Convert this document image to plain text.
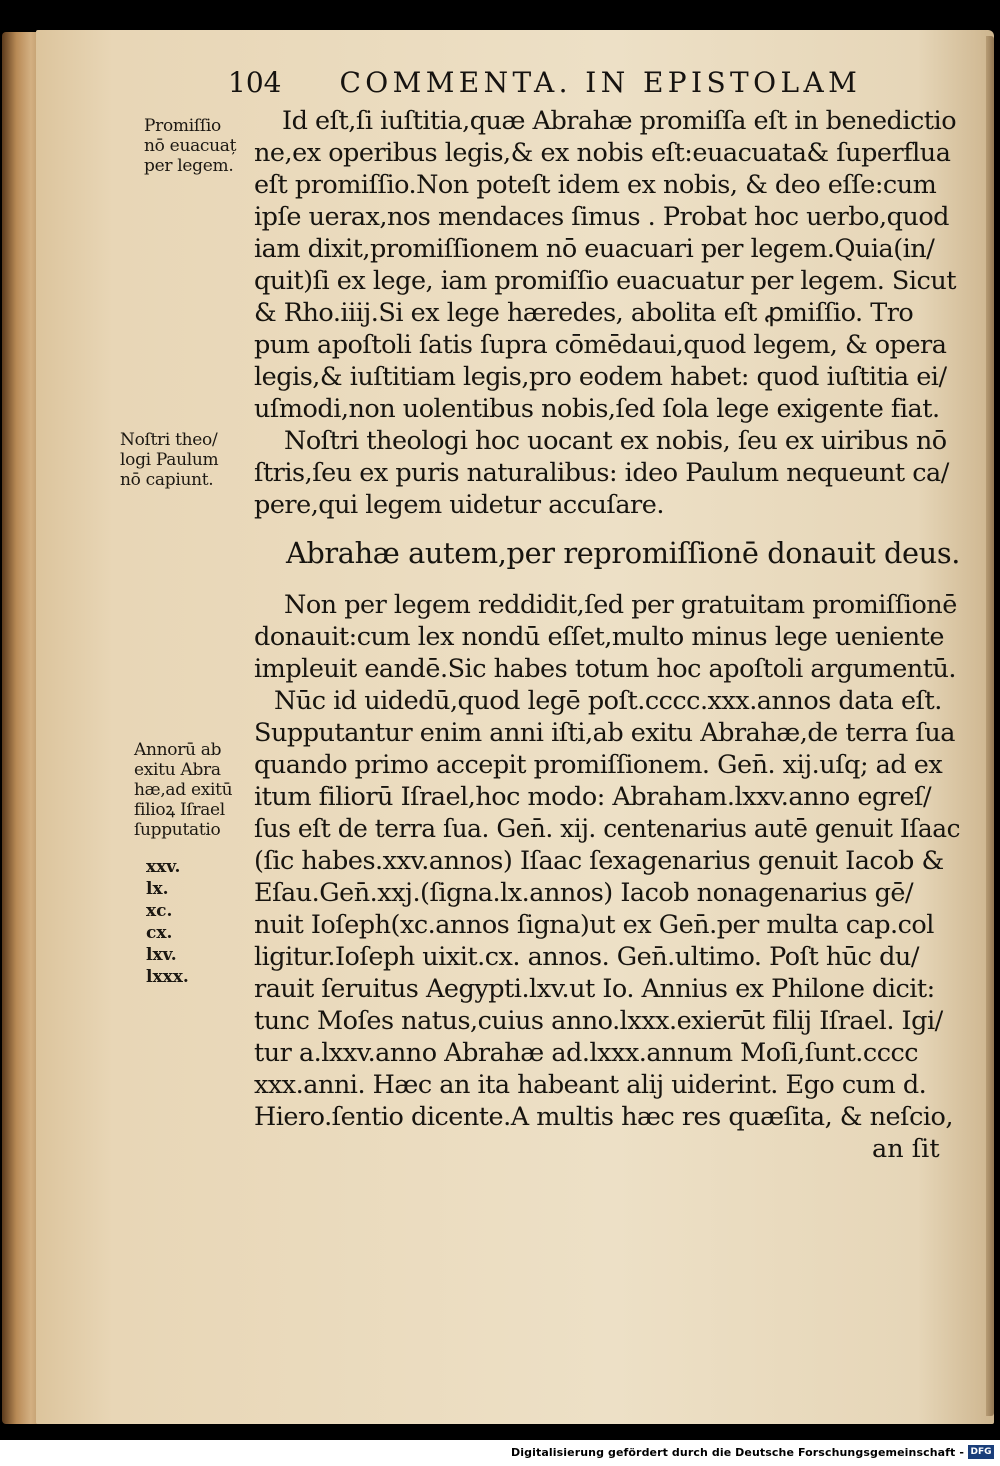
104 COMMENTA. IN EPISTOLAM
Promiſſio
nō euacuaț
per legem.
Noſtri theo/
logi Paulum
nō capiunt.
Annorū ab
exitu Abra
hæ,ad exitū
filioꝝ Iſrael
ſupputatio
xxv.
lx.
xc.
cx.
lxv.
lxxx.
Id eſt,ſi iuſtitia,quæ Abrahæ promiſſa eſt in benedictio
ne,ex operibus legis,& ex nobis eſt:euacuata& ſuperflua
eſt promiſſio.Non poteſt idem ex nobis, & deo eſſe:cum
ipſe uerax,nos mendaces ſimus . Probat hoc uerbo,quod
iam dixit,promiſſionem nō euacuari per legem.Quia(in/
quit)ſi ex lege, iam promiſſio euacuatur per legem. Sicut
& Rho.iiij.Si ex lege hæredes, abolita eſt ꝓmiſſio. Tro
pum apoſtoli ſatis ſupra cōmēdaui,quod legem, & opera
legis,& iuſtitiam legis,pro eodem habet: quod iuſtitia ei/
uſmodi,non uolentibus nobis,ſed ſola lege exigente fiat.
Noſtri theologi hoc uocant ex nobis, ſeu ex uiribus nō
ſtris,ſeu ex puris naturalibus: ideo Paulum nequeunt ca/
pere,qui legem uidetur accuſare.
Abrahæ autem,per repromiſſionē donauit deus.
Non per legem reddidit,ſed per gratuitam promiſſionē
donauit:cum lex nondū eſſet,multo minus lege ueniente
impleuit eandē.Sic habes totum hoc apoſtoli argumentū.
Nūc id uidedū,quod legē poſt.cccc.xxx.annos data eſt.
Supputantur enim anni iſti,ab exitu Abrahæ,de terra ſua
quando primo accepit promiſſionem. Gen̄. xij.uſq; ad ex
itum filiorū Iſrael,hoc modo: Abraham.lxxv.anno egreſ/
ſus eſt de terra ſua. Gen̄. xij. centenarius autē genuit Iſaac
(ſic habes.xxv.annos) Iſaac ſexagenarius genuit Iacob &
Eſau.Gen̄.xxj.(ſigna.lx.annos) Iacob nonagenarius gē/
nuit Ioſeph(xc.annos ſigna)ut ex Gen̄.per multa cap.col
ligitur.Ioſeph uixit.cx. annos. Gen̄.ultimo. Poſt hūc du/
rauit ſeruitus Aegypti.lxv.ut Io. Annius ex Philone dicit:
tunc Moſes natus,cuius anno.lxxx.exierūt filij Iſrael. Igi/
tur a.lxxv.anno Abrahæ ad.lxxx.annum Moſi,ſunt.cccc
xxx.anni. Hæc an ita habeant alij uiderint. Ego cum d.
Hiero.ſentio dicente.A multis hæc res quæſita, & neſcio,
an ſit
Digitalisierung gefördert durch die Deutsche Forschungsgemeinschaft - DFG
